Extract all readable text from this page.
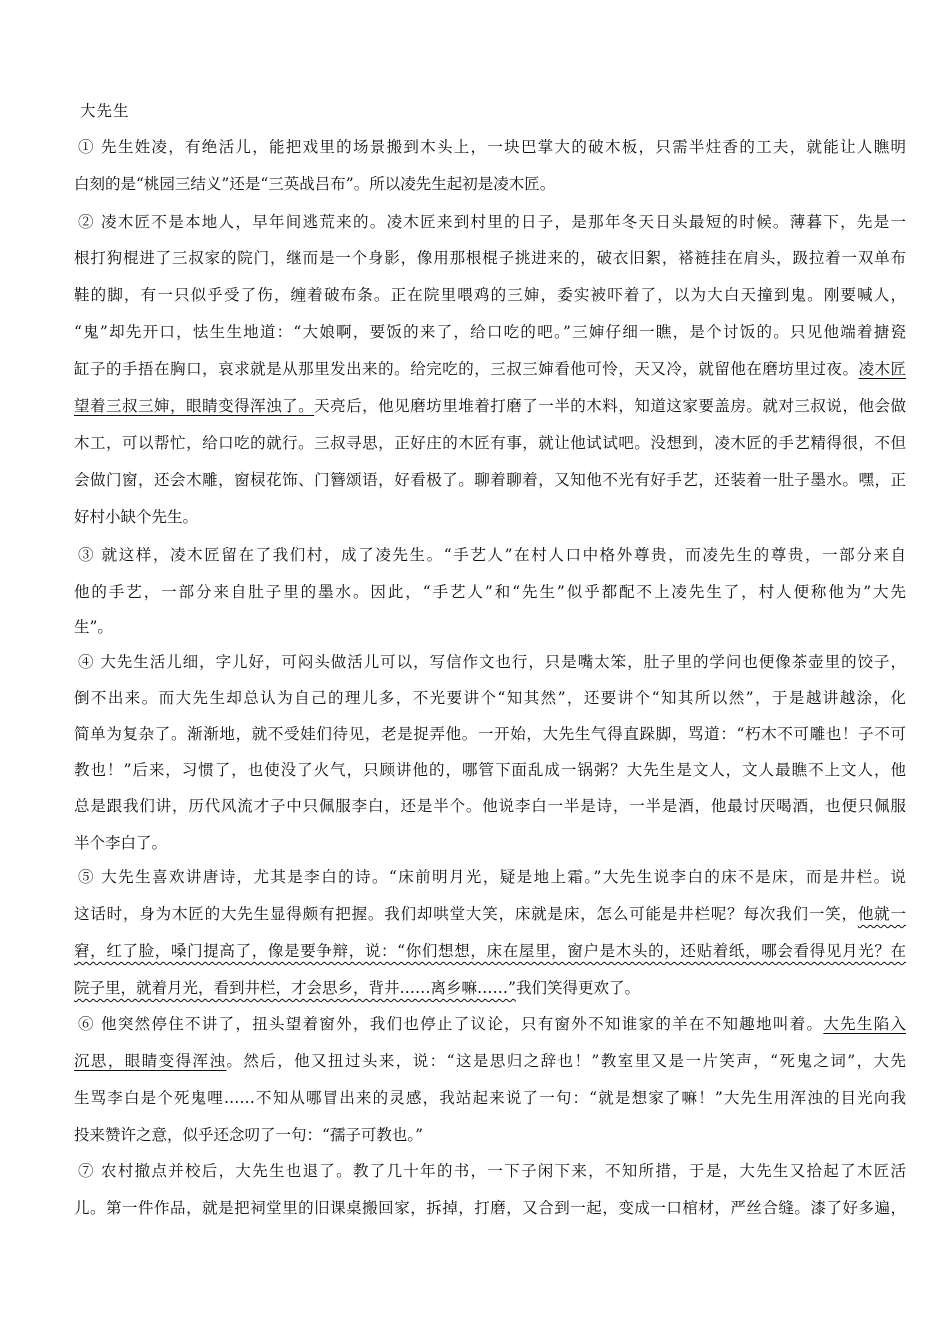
大先生
① 先生姓凌，有绝活儿，能把戏里的场景搬到木头上，一块巴掌大的破木板，只需半炷香的工夫，就能让人瞧明
白刻的是“桃园三结义”还是“三英战吕布”。所以凌先生起初是凌木匠。
② 凌木匠不是本地人，早年间逃荒来的。凌木匠来到村里的日子，是那年冬天日头最短的时候。薄暮下，先是一
根打狗棍进了三叔家的院门，继而是一个身影，像用那根棍子挑进来的，破衣旧絮，褡裢挂在肩头，趿拉着一双单布
鞋的脚，有一只似乎受了伤，缠着破布条。正在院里喂鸡的三婶，委实被吓着了，以为大白天撞到鬼。刚要喊人，
“鬼”却先开口，怯生生地道：“大娘啊，要饭的来了，给口吃的吧。”三婶仔细一瞧，是个讨饭的。只见他端着搪瓷
缸子的手捂在胸口，哀求就是从那里发出来的。给完吃的，三叔三婶看他可怜，天又冷，就留他在磨坊里过夜。凌木匠
望着三叔三婶，眼睛变得浑浊了。天亮后，他见磨坊里堆着打磨了一半的木料，知道这家要盖房。就对三叔说，他会做
木工，可以帮忙，给口吃的就行。三叔寻思，正好庄的木匠有事，就让他试试吧。没想到，凌木匠的手艺精得很，不但
会做门窗，还会木雕，窗棂花饰、门簪颂语，好看极了。聊着聊着，又知他不光有好手艺，还装着一肚子墨水。嘿，正
好村小缺个先生。
③ 就这样，凌木匠留在了我们村，成了凌先生。“手艺人”在村人口中格外尊贵，而凌先生的尊贵，一部分来自
他的手艺，一部分来自肚子里的墨水。因此，“手艺人”和“先生”似乎都配不上凌先生了，村人便称他为”大先
生”。
④ 大先生活儿细，字儿好，可闷头做活儿可以，写信作文也行，只是嘴太笨，肚子里的学问也便像茶壶里的饺子，
倒不出来。而大先生却总认为自己的理儿多，不光要讲个“知其然”，还要讲个“知其所以然”，于是越讲越涂，化
简单为复杂了。渐渐地，就不受娃们待见，老是捉弄他。一开始，大先生气得直跺脚，骂道：“朽木不可雕也！子不可
教也！”后来，习惯了，也使没了火气，只顾讲他的，哪管下面乱成一锅粥？大先生是文人，文人最瞧不上文人，他
总是跟我们讲，历代风流才子中只佩服李白，还是半个。他说李白一半是诗，一半是酒，他最讨厌喝酒，也便只佩服
半个李白了。
⑤ 大先生喜欢讲唐诗，尤其是李白的诗。“床前明月光，疑是地上霜。”大先生说李白的床不是床，而是井栏。说
这话时，身为木匠的大先生显得颇有把握。我们却哄堂大笑，床就是床，怎么可能是井栏呢？每次我们一笑，他就一
窘，红了脸，嗓门提高了，像是要争辩，说：“你们想想，床在屋里，窗户是木头的，还贴着纸，哪会看得见月光？在
院子里，就着月光，看到井栏，才会思乡，背井……离乡嘛……”我们笑得更欢了。
⑥ 他突然停住不讲了，扭头望着窗外，我们也停止了议论，只有窗外不知谁家的羊在不知趣地叫着。大先生陷入
沉思，眼睛变得浑浊。然后，他又扭过头来，说：“这是思归之辞也！”教室里又是一片笑声，“死鬼之词”，大先
生骂李白是个死鬼哩……不知从哪冒出来的灵感，我站起来说了一句：“就是想家了嘛！”大先生用浑浊的目光向我
投来赞许之意，似乎还念叨了一句：“孺子可教也。”
⑦ 农村撤点并校后，大先生也退了。教了几十年的书，一下子闲下来，不知所措，于是，大先生又拾起了木匠活
儿。第一件作品，就是把祠堂里的旧课桌搬回家，拆掉，打磨，又合到一起，变成一口棺材，严丝合缝。漆了好多遍，
